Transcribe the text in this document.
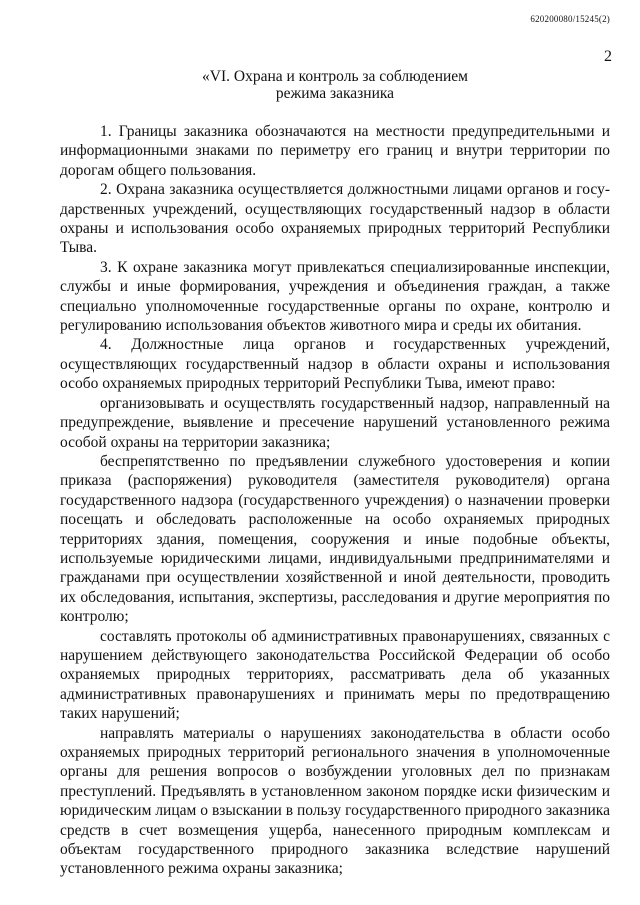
620200080/15245(2)
2
«VI. Охрана и контроль за соблюдением
режима заказника

1. Границы заказника обозначаются на местности предупредительными и информационными знаками по периметру его границ и внутри территории по дорогам общего пользования.

2. Охрана заказника осуществляется должностными лицами органов и государственных учреждений, осуществляющих государственный надзор в области охраны и использования особо охраняемых природных территорий Республики Тыва.

3. К охране заказника могут привлекаться специализированные инспекции, службы и иные формирования, учреждения и объединения граждан, а также специально уполномоченные государственные органы по охране, контролю и регулированию использования объектов животного мира и среды их обитания.

4. Должностные лица органов и государственных учреждений, осуществляющих государственный надзор в области охраны и использования особо охраняемых природных территорий Республики Тыва, имеют право:

организовывать и осуществлять государственный надзор, направленный на предупреждение, выявление и пресечение нарушений установленного режима особой охраны на территории заказника;

беспрепятственно по предъявлении служебного удостоверения и копии приказа (распоряжения) руководителя (заместителя руководителя) органа государственного надзора (государственного учреждения) о назначении проверки посещать и обследовать расположенные на особо охраняемых природных территориях здания, помещения, сооружения и иные подобные объекты, используемые юридическими лицами, индивидуальными предпринимателями и гражданами при осуществлении хозяйственной и иной деятельности, проводить их обследования, испытания, экспертизы, расследования и другие мероприятия по контролю;

составлять протоколы об административных правонарушениях, связанных с нарушением действующего законодательства Российской Федерации об особо охраняемых природных территориях, рассматривать дела об указанных административных правонарушениях и принимать меры по предотвращению таких нарушений;

направлять материалы о нарушениях законодательства в области особо охраняемых природных территорий регионального значения в уполномоченные органы для решения вопросов о возбуждении уголовных дел по признакам преступлений. Предъявлять в установленном законом порядке иски физическим и юридическим лицам о взыскании в пользу государственного природного заказника средств в счет возмещения ущерба, нанесенного природным комплексам и объектам государственного природного заказника вследствие нарушений установленного режима охраны заказника;
